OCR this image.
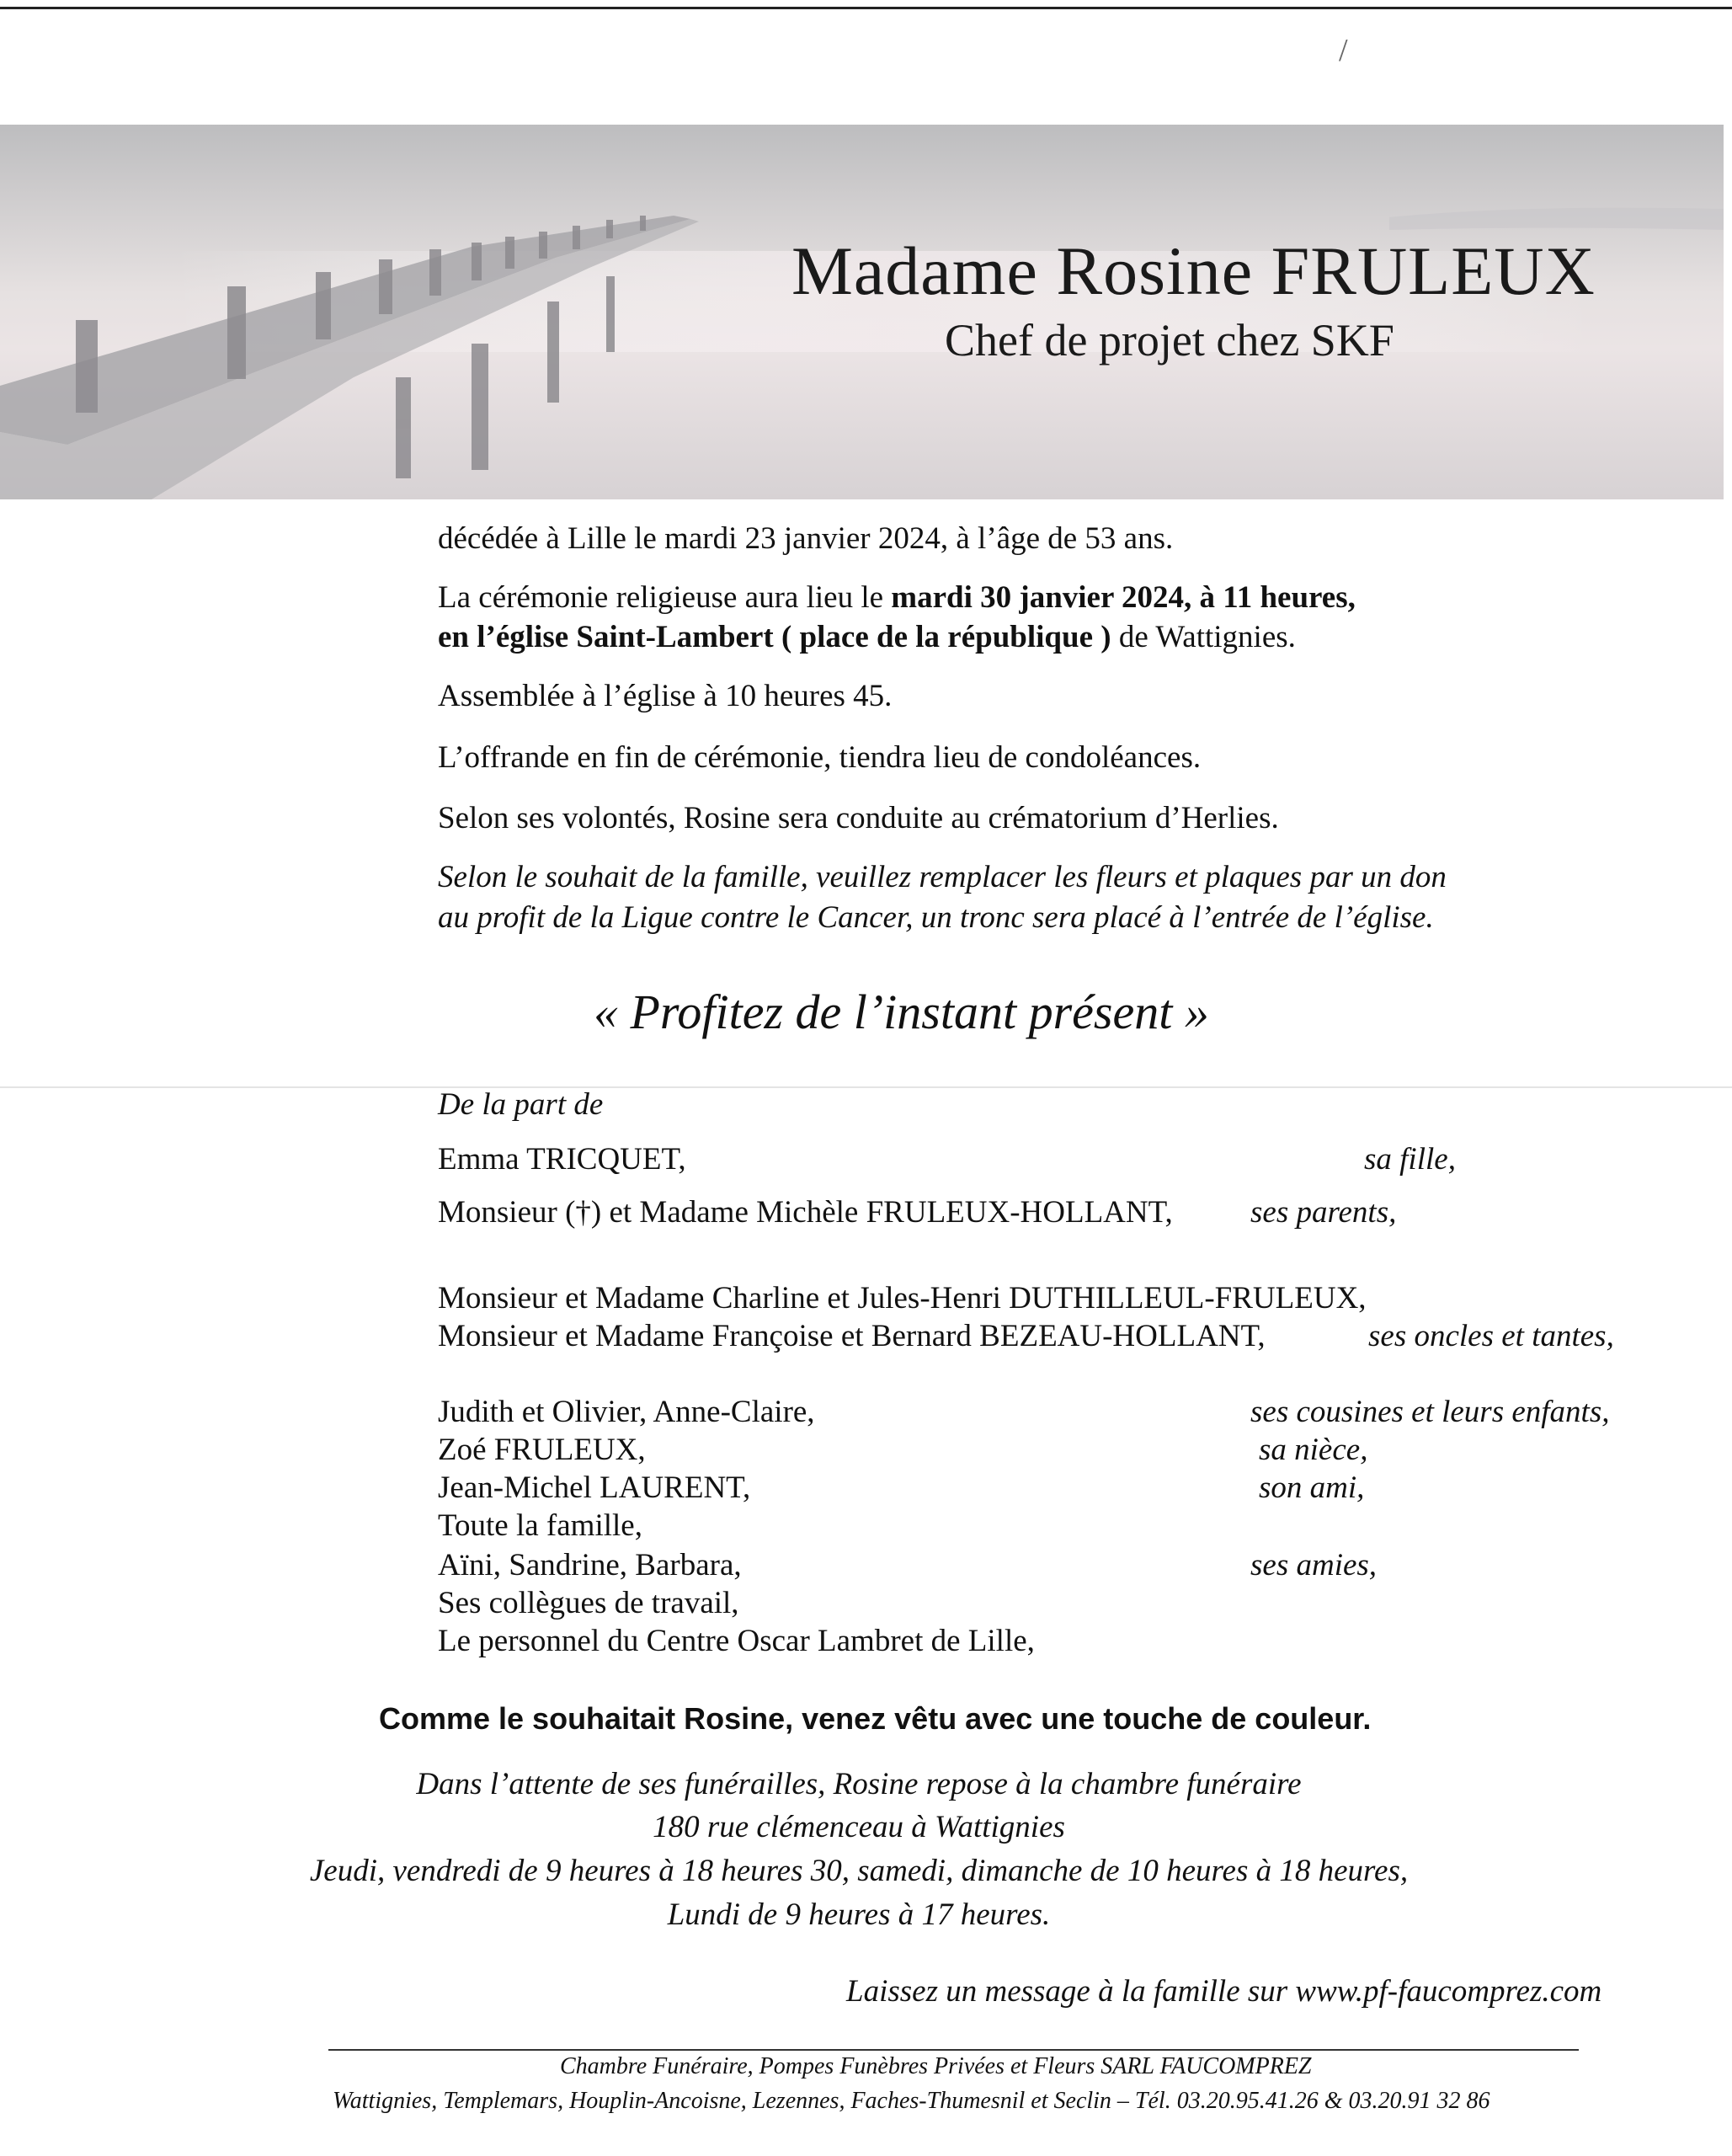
/
Madame Rosine FRULEUX
Chef de projet chez SKF
décédée à Lille le mardi 23 janvier 2024, à l’âge de 53 ans.
La cérémonie religieuse aura lieu le mardi 30 janvier 2024, à 11 heures,
en l’église Saint-Lambert ( place de la république ) de Wattignies.
Assemblée à l’église à 10 heures 45.
L’offrande en fin de cérémonie, tiendra lieu de condoléances.
Selon ses volontés, Rosine sera conduite au crématorium d’Herlies.
Selon le souhait de la famille, veuillez remplacer les fleurs et plaques par un don
au profit de la Ligue contre le Cancer, un tronc sera placé à l’entrée de l’église.
« Profitez de l’instant présent »
De la part de
Emma TRICQUET,	sa fille,
Monsieur (†) et Madame Michèle FRULEUX-HOLLANT, ses parents,
Monsieur et Madame Charline et Jules-Henri DUTHILLEUL-FRULEUX,
Monsieur et Madame Françoise et Bernard BEZEAU-HOLLANT,	ses oncles et tantes,
Judith et Olivier, Anne-Claire,	ses cousines et leurs enfants,
Zoé FRULEUX,	sa nièce,
Jean-Michel LAURENT,	son ami,
Toute la famille,
Aïni, Sandrine, Barbara,	ses amies,
Ses collègues de travail,
Le personnel du Centre Oscar Lambret de Lille,
Comme le souhaitait Rosine, venez vêtu avec une touche de couleur.
Dans l’attente de ses funérailles, Rosine repose à la chambre funéraire
180 rue clémenceau à Wattignies
Jeudi, vendredi de 9 heures à 18 heures 30, samedi, dimanche de 10 heures à 18 heures,
Lundi de 9 heures à 17 heures.
Laissez un message à la famille sur www.pf-faucomprez.com
Chambre Funéraire, Pompes Funèbres Privées et Fleurs SARL FAUCOMPREZ
Wattignies, Templemars, Houplin-Ancoisne, Lezennes, Faches-Thumesnil et Seclin – Tél. 03.20.95.41.26 & 03.20.91 32 86
